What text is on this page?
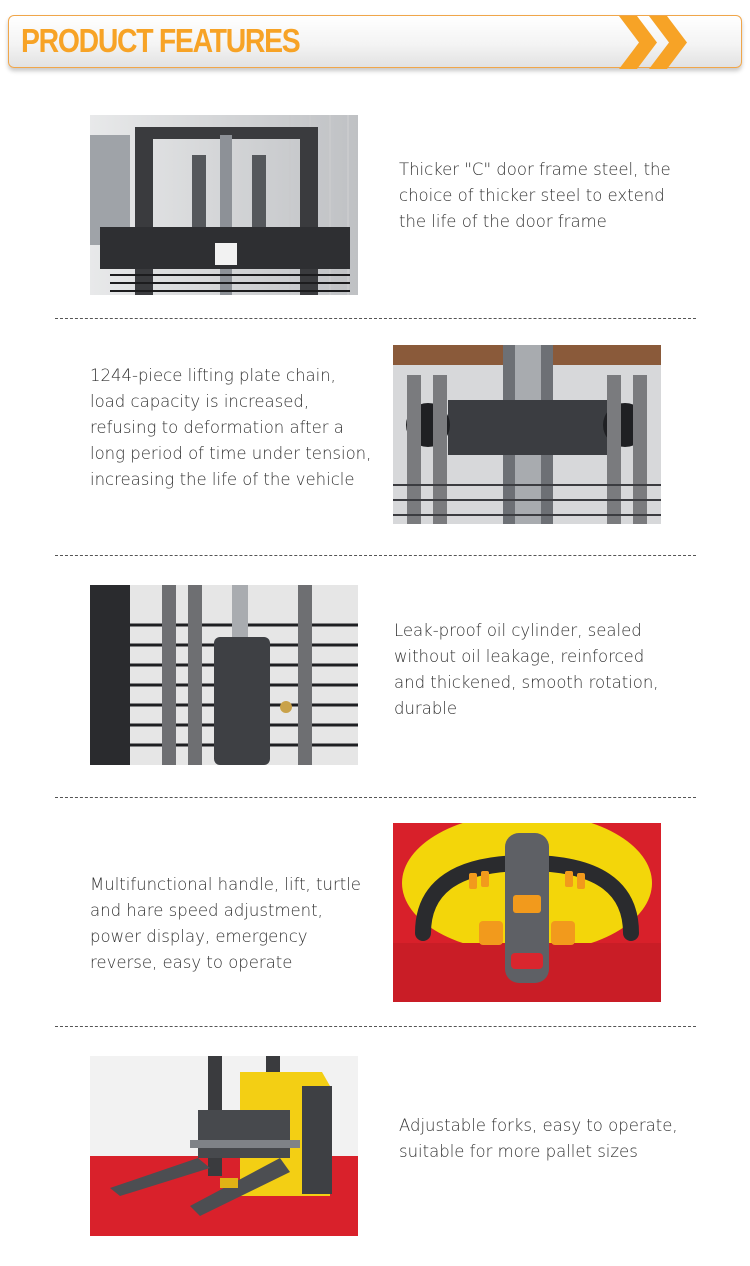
PRODUCT FEATURES
Thicker "C" door frame steel, the
choice of thicker steel to extend
the life of the door frame
1244-piece lifting plate chain,
load capacity is increased,
refusing to deformation after a
long period of time under tension,
increasing the life of the vehicle
Leak-proof oil cylinder, sealed
without oil leakage, reinforced
and thickened, smooth rotation,
durable
Multifunctional handle, lift, turtle
and hare speed adjustment,
power display, emergency
reverse, easy to operate
Adjustable forks, easy to operate,
suitable for more pallet sizes
